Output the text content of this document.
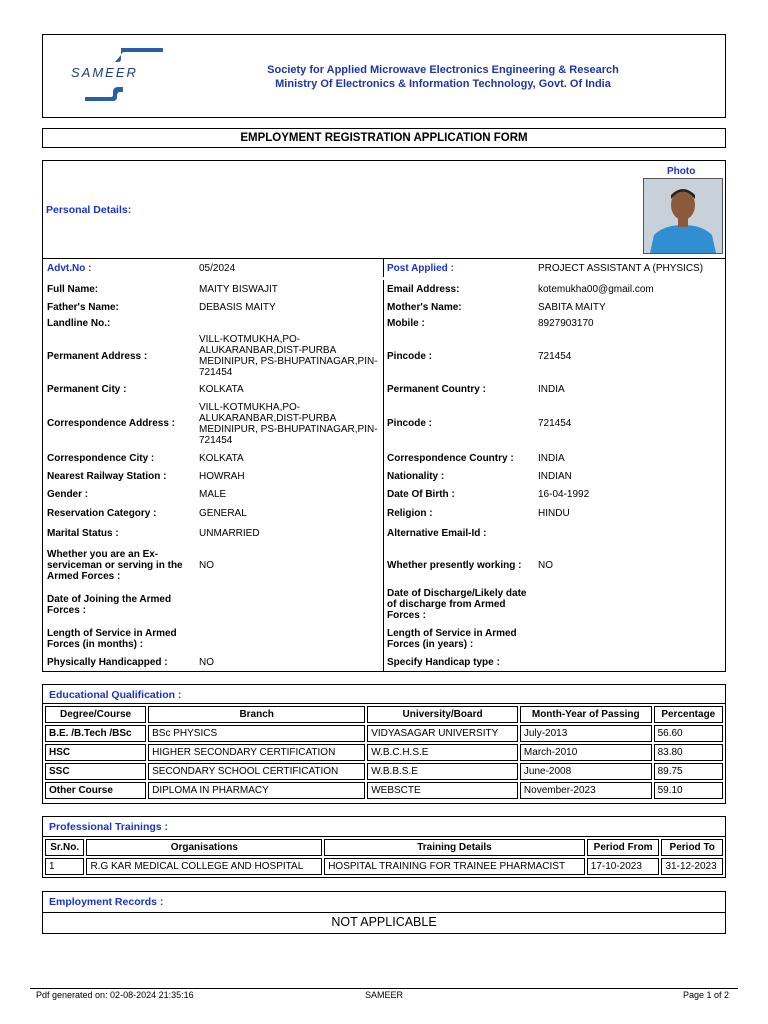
SAMEER	Society for Applied Microwave Electronics Engineering & Research
Ministry Of Electronics & Information Technology, Govt. Of India
EMPLOYMENT REGISTRATION APPLICATION FORM
Personal Details:
Photo
Advt.No :	05/2024	Post Applied :	PROJECT ASSISTANT A (PHYSICS)
Full Name:	MAITY BISWAJIT	Email Address:	kotemukha00@gmail.com
Father's Name:	DEBASIS MAITY	Mother's Name:	SABITA MAITY
Landline No.:	Mobile :	8927903170
Permanent Address :
VILL-KOTMUKHA,PO-ALUKARANBAR,DIST-PURBA MEDINIPUR, PS-BHUPATINAGAR,PIN-721454
Pincode :	721454
Permanent City :	KOLKATA	Permanent Country :	INDIA
Correspondence Address :
VILL-KOTMUKHA,PO-ALUKARANBAR,DIST-PURBA MEDINIPUR, PS-BHUPATINAGAR,PIN-721454
Pincode :	721454
Correspondence City :	KOLKATA	Correspondence Country :	INDIA
Nearest Railway Station :	HOWRAH	Nationality :	INDIAN
Gender :	MALE	Date Of Birth :	16-04-1992
Reservation Category :	GENERAL	Religion :	HINDU
Marital Status :	UNMARRIED	Alternative Email-Id :
Whether you are an Ex-serviceman or serving in the Armed Forces :
NO	Whether presently working :	NO
Date of Joining the Armed Forces :
Date of Discharge/Likely date of discharge from Armed Forces :
Length of Service in Armed Forces (in months) :
Length of Service in Armed Forces (in years) :
Physically Handicapped :	NO	Specify Handicap type :
Educational Qualification :
Degree/Course	Branch	University/Board	Month-Year of Passing	Percentage
B.E. /B.Tech /BSc	BSc PHYSICS	VIDYASAGAR UNIVERSITY	July-2013	56.60
HSC	HIGHER SECONDARY CERTIFICATION	W.B.C.H.S.E	March-2010	83.80
SSC	SECONDARY SCHOOL CERTIFICATION	W.B.B.S.E	June-2008	89.75
Other Course	DIPLOMA IN PHARMACY	WEBSCTE	November-2023	59.10
Professional Trainings :
Sr.No.	Organisations	Training Details	Period From	Period To
1	R.G KAR MEDICAL COLLEGE AND HOSPITAL	HOSPITAL TRAINING FOR TRAINEE PHARMACIST	17-10-2023	31-12-2023
Employment Records :
NOT APPLICABLE
Pdf generated on: 02-08-2024 21:35:16	SAMEER	Page 1 of 2
